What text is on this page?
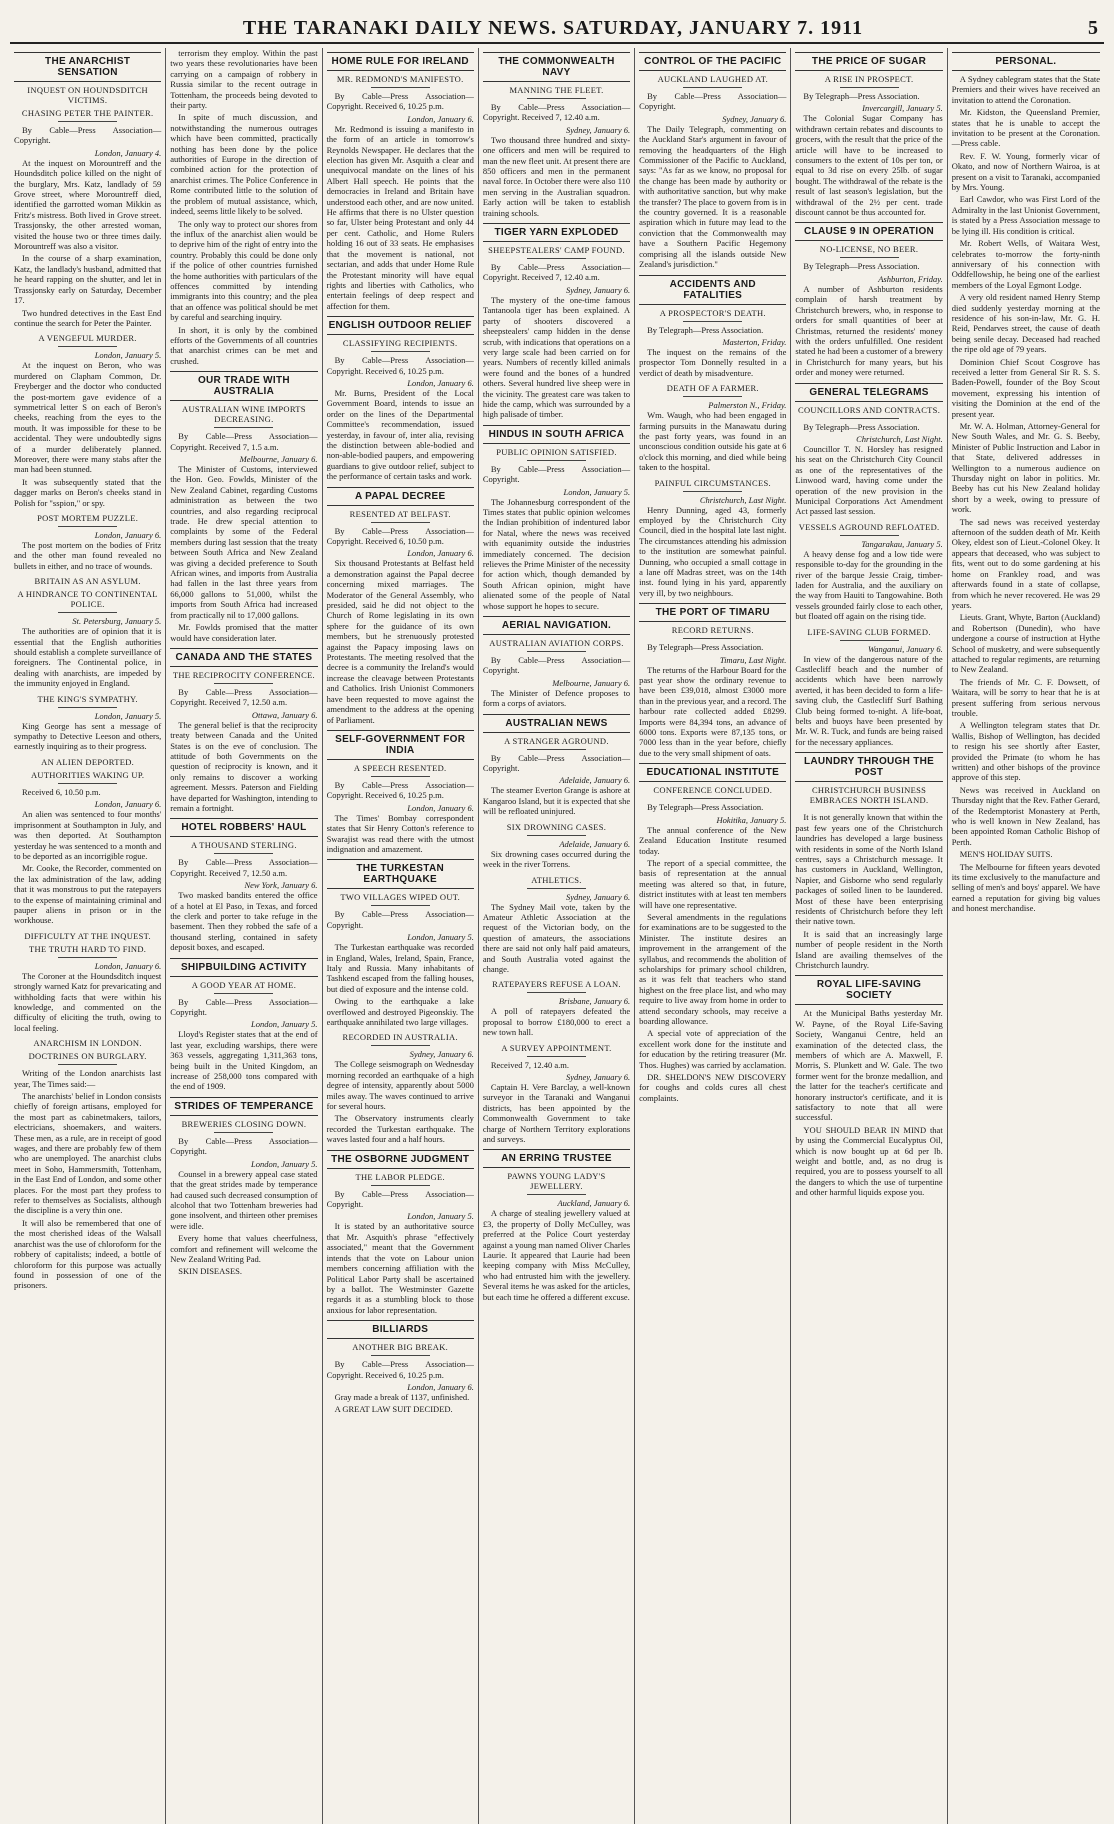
THE TARANAKI DAILY NEWS. SATURDAY, JANUARY 7. 1911	5
THE ANARCHIST SENSATION
INQUEST ON HOUNDSDITCH VICTIMS.
CHASING PETER THE PAINTER.
By Cable—Press Association—Copyright.
London, January 4.

At the inquest on Morountreff and the Houndsditch police killed on the night of the burglary, Mrs. Katz, landlady of 59 Grove street, where Morountreff died, identified the garrotted woman Mikkin as Fritz's mistress. Both lived in Grove street. Trassjonsky, the other arrested woman, visited the house two or three times daily. Morountreff was also a visitor.

In the course of a sharp examination, Katz, the landlady's husband, admitted that he heard rapping on the shutter, and let in Trassjonsky early on Saturday, December 17.

Two hundred detectives in the East End continue the search for Peter the Painter.

A VENGEFUL MURDER.
London, January 5.

At the inquest on Beron, who was murdered on Clapham Common, Dr. Freyberger and the doctor who conducted the post-mortem gave evidence of a symmetrical letter S on each of Beron's cheeks, reaching from the eyes to the mouth. It was impossible for these to be accidental. They were undoubtedly signs of a murder deliberately planned. Moreover, there were many stabs after the man had been stunned.

It was subsequently stated that the dagger marks on Beron's cheeks stand in Polish for "sspion," or spy.

POST MORTEM PUZZLE.
London, January 6.

The post mortem on the bodies of Fritz and the other man found revealed no bullets in either, and no trace of wounds.

BRITAIN AS AN ASYLUM.
A HINDRANCE TO CONTINENTAL POLICE.
St. Petersburg, January 5.

The authorities are of opinion that it is essential that the English authorities should establish a complete surveillance of foreigners. The Continental police, in dealing with anarchists, are impeded by the immunity enjoyed in England.

THE KING'S SYMPATHY.
London, January 5.

King George has sent a message of sympathy to Detective Leeson and others, earnestly inquiring as to their progress.

AN ALIEN DEPORTED.
AUTHORITIES WAKING UP.
Received 6, 10.50 p.m.
London, January 6.

An alien was sentenced to four months' imprisonment at Southampton in July, and was then deported. At Southampton yesterday he was sentenced to a month and to be deported as an incorrigible rogue.

Mr. Cooke, the Recorder, commented on the lax administration of the law, adding that it was monstrous to put the ratepayers to the expense of maintaining criminal and pauper aliens in prison or in the workhouse.

DIFFICULTY AT THE INQUEST.
THE TRUTH HARD TO FIND.
London, January 6.

The Coroner at the Houndsditch inquest strongly warned Katz for prevaricating and withholding facts that were within his knowledge, and commented on the difficulty of eliciting the truth, owing to local feeling.

ANARCHISM IN LONDON.
DOCTRINES ON BURGLARY.

Writing of the London anarchists last year, The Times said:—

The anarchists' belief in London consists chiefly of foreign artisans, employed for the most part as cabinetmakers, tailors, electricians, shoemakers, and waiters. These men, as a rule, are in receipt of good wages, and there are probably few of them who are unemployed. The anarchist clubs meet in Soho, Hammersmith, Tottenham, in the East End of London, and some other places. For the most part they profess to refer to themselves as Socialists, although the discipline is a very thin one.

It will also be remembered that one of the most cherished ideas of the Walsall anarchist was the use of chloroform for the robbery of capitalists; indeed, a bottle of chloroform for this purpose was actually found in possession of one of the prisoners.

terrorism they employ. Within the past two years these revolutionaries have been carrying on a campaign of robbery in Russia similar to the recent outrage in Tottenham, the proceeds being devoted to their party.

In spite of much discussion, and notwithstanding the numerous outrages which have been committed, practically nothing has been done by the police authorities of Europe in the direction of combined action for the protection of anarchist crimes. The Police Conference in Rome contributed little to the solution of the problem of mutual assistance, which, indeed, seems little likely to be solved.

The only way to protect our shores from the influx of the anarchist alien would be to deprive him of the right of entry into the country. Probably this could be done only if the police of other countries furnished the home authorities with particulars of the offences committed by intending immigrants into this country; and the plea that an offence was political should be met by careful and searching inquiry.

In short, it is only by the combined efforts of the Governments of all countries that anarchist crimes can be met and crushed.

OUR TRADE WITH AUSTRALIA
AUSTRALIAN WINE IMPORTS DECREASING.
By Cable—Press Association—Copyright. Received 7, 1.5 a.m.
Melbourne, January 6.

The Minister of Customs, interviewed the Hon. Geo. Fowlds, Minister of the New Zealand Cabinet, regarding Customs administration as between the two countries, and also regarding reciprocal trade. He drew special attention to complaints by some of the Federal members during last session that the treaty between South Africa and New Zealand was giving a decided preference to South African wines, and imports from Australia had fallen in the last three years from 66,000 gallons to 51,000, whilst the imports from South Africa had increased from practically nil to 17,000 gallons.

Mr. Fowlds promised that the matter would have consideration later.

CANADA AND THE STATES
THE RECIPROCITY CONFERENCE.
By Cable—Press Association—Copyright. Received 7, 12.50 a.m.
Ottawa, January 6.

The general belief is that the reciprocity treaty between Canada and the United States is on the eve of conclusion. The attitude of both Governments on the question of reciprocity is known, and it only remains to discover a working agreement. Messrs. Paterson and Fielding have departed for Washington, intending to remain a fortnight.

HOTEL ROBBERS' HAUL
A THOUSAND STERLING.
By Cable—Press Association—Copyright. Received 7, 12.50 a.m.
New York, January 6.

Two masked bandits entered the office of a hotel at El Paso, in Texas, and forced the clerk and porter to take refuge in the basement. Then they robbed the safe of a thousand sterling, contained in safety deposit boxes, and escaped.

SHIPBUILDING ACTIVITY
A GOOD YEAR AT HOME.
By Cable—Press Association—Copyright.
London, January 5.

Lloyd's Register states that at the end of last year, excluding warships, there were 363 vessels, aggregating 1,311,363 tons, being built in the United Kingdom, an increase of 258,000 tons compared with the end of 1909.

STRIDES OF TEMPERANCE
BREWERIES CLOSING DOWN.
By Cable—Press Association—Copyright.
London, January 5.

Counsel in a brewery appeal case stated that the great strides made by temperance had caused such decreased consumption of alcohol that two Tottenham breweries had gone insolvent, and thirteen other premises were idle.

Every home that values cheerfulness, comfort and refinement will welcome the New Zealand Writing Pad.

SKIN DISEASES.

HOME RULE FOR IRELAND
MR. REDMOND'S MANIFESTO.
By Cable—Press Association—Copyright. Received 6, 10.25 p.m.
London, January 6.

Mr. Redmond is issuing a manifesto in the form of an article in tomorrow's Reynolds Newspaper. He declares that the election has given Mr. Asquith a clear and unequivocal mandate on the lines of his Albert Hall speech. He points that the democracies in Ireland and Britain have understood each other, and are now united. He affirms that there is no Ulster question so far, Ulster being Protestant and only 44 per cent. Catholic, and Home Rulers holding 16 out of 33 seats. He emphasises that the movement is national, not sectarian, and adds that under Home Rule the Protestant minority will have equal rights and liberties with Catholics, who entertain feelings of deep respect and affection for them.

ENGLISH OUTDOOR RELIEF
CLASSIFYING RECIPIENTS.
By Cable—Press Association—Copyright. Received 6, 10.25 p.m.
London, January 6.

Mr. Burns, President of the Local Government Board, intends to issue an order on the lines of the Departmental Committee's recommendation, issued yesterday, in favour of, inter alia, revising the distinction between able-bodied and non-able-bodied paupers, and empowering guardians to give outdoor relief, subject to the performance of certain tasks and work.

A PAPAL DECREE
RESENTED AT BELFAST.
By Cable—Press Association—Copyright. Received 6, 10.50 p.m.
London, January 6.

Six thousand Protestants at Belfast held a demonstration against the Papal decree concerning mixed marriages. The Moderator of the General Assembly, who presided, said he did not object to the Church of Rome legislating in its own sphere for the guidance of its own members, but he strenuously protested against the Papacy imposing laws on Protestants. The meeting resolved that the decree is a community the Ireland's would increase the cleavage between Protestants and Catholics. Irish Unionist Commoners have been requested to move against the amendment to the address at the opening of Parliament.

SELF-GOVERNMENT FOR INDIA
A SPEECH RESENTED.
By Cable—Press Association—Copyright. Received 6, 10.25 p.m.
London, January 6.

The Times' Bombay correspondent states that Sir Henry Cotton's reference to Swarajist was read there with the utmost indignation and amazement.

THE TURKESTAN EARTHQUAKE
TWO VILLAGES WIPED OUT.
By Cable—Press Association—Copyright.
London, January 5.

The Turkestan earthquake was recorded in England, Wales, Ireland, Spain, France, Italy and Russia. Many inhabitants of Tashkend escaped from the falling houses, but died of exposure and the intense cold.

Owing to the earthquake a lake overflowed and destroyed Pigeonskiy. The earthquake annihilated two large villages.

RECORDED IN AUSTRALIA.
Sydney, January 6.

The College seismograph on Wednesday morning recorded an earthquake of a high degree of intensity, apparently about 5000 miles away. The waves continued to arrive for several hours.

The Observatory instruments clearly recorded the Turkestan earthquake. The waves lasted four and a half hours.

THE OSBORNE JUDGMENT
THE LABOR PLEDGE.
By Cable—Press Association—Copyright.
London, January 5.

It is stated by an authoritative source that Mr. Asquith's phrase "effectively associated," meant that the Government intends that the vote on Labour union members concerning affiliation with the Political Labor Party shall be ascertained by a ballot. The Westminster Gazette regards it as a stumbling block to those anxious for labor representation.

BILLIARDS
ANOTHER BIG BREAK.
By Cable—Press Association—Copyright. Received 6, 10.25 p.m.
London, January 6.

Gray made a break of 1137, unfinished.

A GREAT LAW SUIT DECIDED.

THE COMMONWEALTH NAVY
MANNING THE FLEET.
By Cable—Press Association—Copyright. Received 7, 12.40 a.m.
Sydney, January 6.

Two thousand three hundred and sixty-one officers and men will be required to man the new fleet unit. At present there are 850 officers and men in the permanent naval force. In October there were also 110 men serving in the Australian squadron. Early action will be taken to establish training schools.

TIGER YARN EXPLODED
SHEEPSTEALERS' CAMP FOUND.
By Cable—Press Association—Copyright. Received 7, 12.40 a.m.
Sydney, January 6.

The mystery of the one-time famous Tantanoola tiger has been explained. A party of shooters discovered a sheepstealers' camp hidden in the dense scrub, with indications that operations on a very large scale had been carried on for years. Numbers of recently killed animals were found and the bones of a hundred others. Several hundred live sheep were in the vicinity. The greatest care was taken to hide the camp, which was surrounded by a high palisade of timber.

HINDUS IN SOUTH AFRICA
PUBLIC OPINION SATISFIED.
By Cable—Press Association—Copyright.
London, January 5.

The Johannesburg correspondent of the Times states that public opinion welcomes the Indian prohibition of indentured labor for Natal, where the news was received with equanimity outside the industries immediately concerned. The decision relieves the Prime Minister of the necessity for action which, though demanded by South African opinion, might have alienated some of the people of Natal whose support he hopes to secure.

AERIAL NAVIGATION.
AUSTRALIAN AVIATION CORPS.
By Cable—Press Association—Copyright.
Melbourne, January 6.

The Minister of Defence proposes to form a corps of aviators.

AUSTRALIAN NEWS
A STRANGER AGROUND.
By Cable—Press Association—Copyright.
Adelaide, January 6.

The steamer Everton Grange is ashore at Kangaroo Island, but it is expected that she will be refloated uninjured.

SIX DROWNING CASES.
Adelaide, January 6.

Six drowning cases occurred during the week in the river Torrens.

ATHLETICS.
Sydney, January 6.

The Sydney Mail vote, taken by the Amateur Athletic Association at the request of the Victorian body, on the question of amateurs, the associations there are said not only half paid amateurs, and South Australia voted against the change.

RATEPAYERS REFUSE A LOAN.
Brisbane, January 6.

A poll of ratepayers defeated the proposal to borrow £180,000 to erect a new town hall.

A SURVEY APPOINTMENT.
Received 7, 12.40 a.m.
Sydney, January 6.

Captain H. Vere Barclay, a well-known surveyor in the Taranaki and Wanganui districts, has been appointed by the Commonwealth Government to take charge of Northern Territory explorations and surveys.

AN ERRING TRUSTEE
PAWNS YOUNG LADY'S JEWELLERY.
Auckland, January 6.

A charge of stealing jewellery valued at £3, the property of Dolly McCulley, was preferred at the Police Court yesterday against a young man named Oliver Charles Laurie. It appeared that Laurie had been keeping company with Miss McCulley, who had entrusted him with the jewellery. Several items he was asked for the articles, but each time he offered a different excuse.

CONTROL OF THE PACIFIC
AUCKLAND LAUGHED AT.
By Cable—Press Association—Copyright.
Sydney, January 6.

The Daily Telegraph, commenting on the Auckland Star's argument in favour of removing the headquarters of the High Commissioner of the Pacific to Auckland, says: "As far as we know, no proposal for the change has been made by authority or with authoritative sanction, but why make the transfer? The place to govern from is in the country governed. It is a reasonable aspiration which in future may lead to the conviction that the Commonwealth may have a Southern Pacific Hegemony comprising all the islands outside New Zealand's jurisdiction."

ACCIDENTS AND FATALITIES
A PROSPECTOR'S DEATH.
By Telegraph—Press Association.
Masterton, Friday.

The inquest on the remains of the prospector Tom Donnelly resulted in a verdict of death by misadventure.

DEATH OF A FARMER.
Palmerston N., Friday.

Wm. Waugh, who had been engaged in farming pursuits in the Manawatu during the past forty years, was found in an unconscious condition outside his gate at 6 o'clock this morning, and died while being taken to the hospital.

PAINFUL CIRCUMSTANCES.
Christchurch, Last Night.

Henry Dunning, aged 43, formerly employed by the Christchurch City Council, died in the hospital late last night. The circumstances attending his admission to the institution are somewhat painful. Dunning, who occupied a small cottage in a lane off Madras street, was on the 14th inst. found lying in his yard, apparently very ill, by two neighbours.

THE PORT OF TIMARU
RECORD RETURNS.
By Telegraph—Press Association.
Timaru, Last Night.

The returns of the Harbour Board for the past year show the ordinary revenue to have been £39,018, almost £3000 more than in the previous year, and a record. The harbour rate collected added £8299. Imports were 84,394 tons, an advance of 6000 tons. Exports were 87,135 tons, or 7000 less than in the year before, chiefly due to the very small shipment of oats.

EDUCATIONAL INSTITUTE
CONFERENCE CONCLUDED.
By Telegraph—Press Association.
Hokitika, January 5.

The annual conference of the New Zealand Education Institute resumed today.

The report of a special committee, the basis of representation at the annual meeting was altered so that, in future, district institutes with at least ten members will have one representative.

Several amendments in the regulations for examinations are to be suggested to the Minister. The institute desires an improvement in the arrangement of the syllabus, and recommends the abolition of scholarships for primary school children, as it was felt that teachers who stand highest on the free place list, and who may require to live away from home in order to attend secondary schools, may receive a boarding allowance.

A special vote of appreciation of the excellent work done for the institute and for education by the retiring treasurer (Mr. Thos. Hughes) was carried by acclamation.

DR. SHELDON'S NEW DISCOVERY for coughs and colds cures all chest complaints.

THE PRICE OF SUGAR
A RISE IN PROSPECT.
By Telegraph—Press Association.
Invercargill, January 5.

The Colonial Sugar Company has withdrawn certain rebates and discounts to grocers, with the result that the price of the article will have to be increased to consumers to the extent of 10s per ton, or equal to 3d rise on every 25lb. of sugar bought. The withdrawal of the rebate is the result of last season's legislation, but the withdrawal of the 2½ per cent. trade discount cannot be thus accounted for.

CLAUSE 9 IN OPERATION
NO-LICENSE, NO BEER.
By Telegraph—Press Association.
Ashburton, Friday.

A number of Ashburton residents complain of harsh treatment by Christchurch brewers, who, in response to orders for small quantities of beer at Christmas, returned the residents' money with the orders unfulfilled. One resident stated he had been a customer of a brewery in Christchurch for many years, but his order and money were returned.

GENERAL TELEGRAMS
COUNCILLORS AND CONTRACTS.
By Telegraph—Press Association.
Christchurch, Last Night.

Councillor T. N. Horsley has resigned his seat on the Christchurch City Council as one of the representatives of the Linwood ward, having come under the operation of the new provision in the Municipal Corporations Act Amendment Act passed last session.

VESSELS AGROUND REFLOATED.
Tangarakau, January 5.

A heavy dense fog and a low tide were responsible to-day for the grounding in the river of the barque Jessie Craig, timber-laden for Australia, and the auxiliary on the way from Hauiti to Tangowahine. Both vessels grounded fairly close to each other, but floated off again on the rising tide.

LIFE-SAVING CLUB FORMED.
Wanganui, January 6.

In view of the dangerous nature of the Castlecliff beach and the number of accidents which have been narrowly averted, it has been decided to form a life-saving club, the Castlecliff Surf Bathing Club being formed to-night. A life-boat, belts and buoys have been presented by Mr. W. R. Tuck, and funds are being raised for the necessary appliances.

LAUNDRY THROUGH THE POST
CHRISTCHURCH BUSINESS EMBRACES NORTH ISLAND.

It is not generally known that within the past few years one of the Christchurch laundries has developed a large business with residents in some of the North Island centres, says a Christchurch message. It has customers in Auckland, Wellington, Napier, and Gisborne who send regularly packages of soiled linen to be laundered. Most of these have been enterprising residents of Christchurch before they left their native town.

It is said that an increasingly large number of people resident in the North Island are availing themselves of the Christchurch laundry.

ROYAL LIFE-SAVING SOCIETY

At the Municipal Baths yesterday Mr. W. Payne, of the Royal Life-Saving Society, Wanganui Centre, held an examination of the detected class, the members of which are A. Maxwell, F. Morris, S. Plunkett and W. Gale. The two former went for the bronze medallion, and the latter for the teacher's certificate and honorary instructor's certificate, and it is satisfactory to note that all were successful.

YOU SHOULD BEAR IN MIND that by using the Commercial Eucalyptus Oil, which is now bought up at 6d per lb. weight and bottle, and, as no drug is required, you are to possess yourself to all the dangers to which the use of turpentine and other harmful liquids expose you.

PERSONAL.

A Sydney cablegram states that the State Premiers and their wives have received an invitation to attend the Coronation.

Mr. Kidston, the Queensland Premier, states that he is unable to accept the invitation to be present at the Coronation.—Press cable.

Rev. F. W. Young, formerly vicar of Okato, and now of Northern Wairoa, is at present on a visit to Taranaki, accompanied by Mrs. Young.

Earl Cawdor, who was First Lord of the Admiralty in the last Unionist Government, is stated by a Press Association message to be lying ill. His condition is critical.

Mr. Robert Wells, of Waitara West, celebrates to-morrow the forty-ninth anniversary of his connection with Oddfellowship, he being one of the earliest members of the Loyal Egmont Lodge.

A very old resident named Henry Stemp died suddenly yesterday morning at the residence of his son-in-law, Mr. G. H. Reid, Pendarves street, the cause of death being senile decay. Deceased had reached the ripe old age of 79 years.

Dominion Chief Scout Cosgrove has received a letter from General Sir R. S. S. Baden-Powell, founder of the Boy Scout movement, expressing his intention of visiting the Dominion at the end of the present year.

Mr. W. A. Holman, Attorney-General for New South Wales, and Mr. G. S. Beeby, Minister of Public Instruction and Labor in that State, delivered addresses in Wellington to a numerous audience on Thursday night on labor in politics. Mr. Beeby has cut his New Zealand holiday short by a week, owing to pressure of work.

The sad news was received yesterday afternoon of the sudden death of Mr. Keith Okey, eldest son of Lieut.-Colonel Okey. It appears that deceased, who was subject to fits, went out to do some gardening at his home on Frankley road, and was afterwards found in a state of collapse, from which he never recovered. He was 29 years.

Lieuts. Grant, Whyte, Barton (Auckland) and Robertson (Dunedin), who have undergone a course of instruction at Hythe School of musketry, and were subsequently attached to regular regiments, are returning to New Zealand.

The friends of Mr. C. F. Dowsett, of Waitara, will be sorry to hear that he is at present suffering from serious nervous trouble.

A Wellington telegram states that Dr. Wallis, Bishop of Wellington, has decided to resign his see shortly after Easter, provided the Primate (to whom he has written) and other bishops of the province approve of this step.

News was received in Auckland on Thursday night that the Rev. Father Gerard, of the Redemptorist Monastery at Perth, who is well known in New Zealand, has been appointed Roman Catholic Bishop of Perth.

MEN'S HOLIDAY SUITS.

The Melbourne for fifteen years devoted its time exclusively to the manufacture and selling of men's and boys' apparel. We have earned a reputation for giving big values and honest merchandise.
